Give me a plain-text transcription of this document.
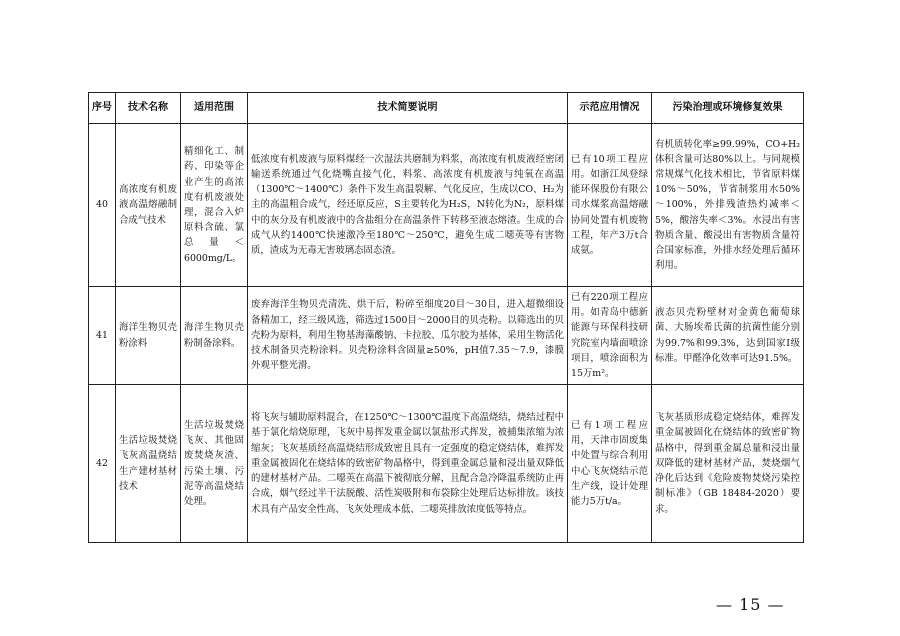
序号	技术名称	适用范围	技术简要说明	示范应用情况	污染治理或环境修复效果
40	高浓度有机废液高温熔融制合成气技术	精细化工、制药、印染等企业产生的高浓度有机废液处理，混合入炉原料含硫、氯总量＜6000mg/L。	低浓度有机废液与原料煤经一次湿法共磨制为料浆，高浓度有机废液经密闭输送系统通过气化烧嘴直接气化，料浆、高浓度有机废液与纯氧在高温（1300℃～1400℃）条件下发生高温裂解、气化反应，生成以CO、H₂为主的高温粗合成气，经还原反应，S主要转化为H₂S，N转化为N₂，原料煤中的灰分及有机废液中的含盐组分在高温条件下转移至液态熔渣。生成的合成气从约1400℃快速激冷至180℃～250℃，避免生成二噁英等有害物质，渣成为无毒无害玻璃态固态渣。	已有10项工程应用。如浙江凤登绿能环保股份有限公司水煤浆高温熔融协同处置有机废物工程，年产3万t合成氨。	有机质转化率≥99.99%，CO+H₂体积含量可达80%以上。与同规模常规煤气化技术相比，节省原料煤10%～50%，节省制浆用水50%～100%，外排残渣热灼减率＜5%，酸溶失率＜3%。水浸出有害物质含量、酸浸出有害物质含量符合国家标准，外排水经处理后循环利用。
41	海洋生物贝壳粉涂料	海洋生物贝壳粉制备涂料。	废弃海洋生物贝壳清洗、烘干后，粉碎至细度20目～30目，进入超微细设备精加工，经三级风选，筛选过1500目～2000目的贝壳粉。以筛选出的贝壳粉为原料，利用生物基海藻酸钠、卡拉胶、瓜尔胶为基体，采用生物活化技术制备贝壳粉涂料。贝壳粉涂料含固量≥50%，pH值7.35～7.9，漆膜外观平整光滑。	已有220项工程应用。如青岛中德新能源与环保科技研究院室内墙面喷涂项目，喷涂面积为15万m²。	液态贝壳粉壁材对金黄色葡萄球菌、大肠埃希氏菌的抗菌性能分别为99.7%和99.3%，达到国家I级标准。甲醛净化效率可达91.5%。
42	生活垃圾焚烧飞灰高温烧结生产建材基材技术	生活垃圾焚烧飞灰、其他固废焚烧灰渣、污染土壤、污泥等高温烧结处理。	将飞灰与辅助原料混合，在1250℃～1300℃温度下高温烧结，烧结过程中基于氯化焙烧原理，飞灰中易挥发重金属以氯盐形式挥发，被捕集浓缩为浓缩灰；飞灰基质经高温烧结形成致密且具有一定强度的稳定烧结体，难挥发重金属被固化在烧结体的致密矿物晶格中，得到重金属总量和浸出量双降低的建材基材产品。二噁英在高温下被彻底分解，且配合急冷降温系统防止再合成，烟气经过半干法脱酸、活性炭吸附和布袋除尘处理后达标排放。该技术具有产品安全性高、飞灰处理成本低、二噁英排放浓度低等特点。	已有1项工程应用，天津市固废集中处置与综合利用中心飞灰烧结示范生产线，设计处理能力5万t/a。	飞灰基质形成稳定烧结体，难挥发重金属被固化在烧结体的致密矿物晶格中，得到重金属总量和浸出量双降低的建材基材产品，焚烧烟气净化后达到《危险废物焚烧污染控制标准》（GB 18484-2020）要求。
— 15 —
